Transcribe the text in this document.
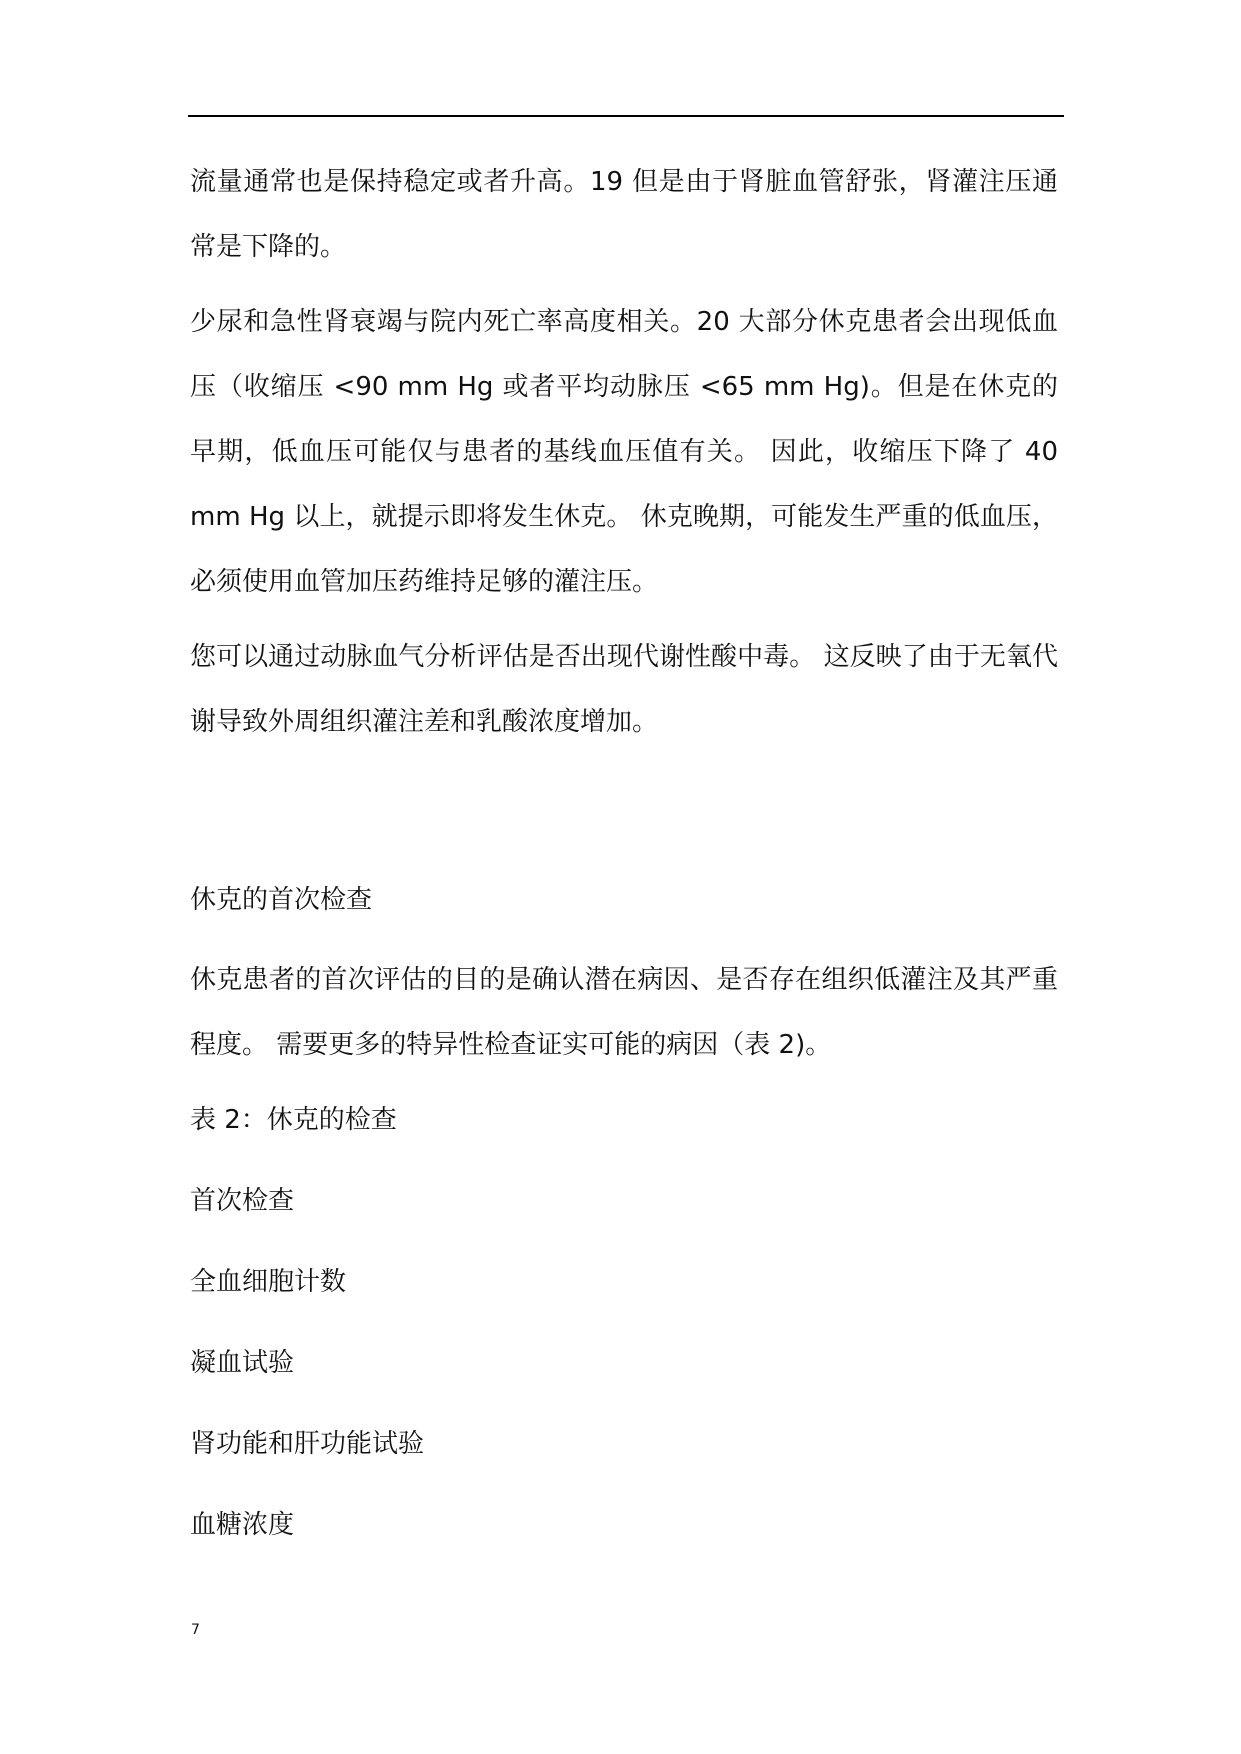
流量通常也是保持稳定或者升高。19 但是由于肾脏血管舒张，肾灌注压通常是下降的。

少尿和急性肾衰竭与院内死亡率高度相关。20 大部分休克患者会出现低血压（收缩压 <90 mm Hg 或者平均动脉压 <65 mm Hg)。但是在休克的早期，低血压可能仅与患者的基线血压值有关。 因此，收缩压下降了 40 mm Hg 以上，就提示即将发生休克。 休克晚期，可能发生严重的低血压，必须使用血管加压药维持足够的灌注压。

您可以通过动脉血气分析评估是否出现代谢性酸中毒。 这反映了由于无氧代谢导致外周组织灌注差和乳酸浓度增加。

休克的首次检查

休克患者的首次评估的目的是确认潜在病因、是否存在组织低灌注及其严重程度。 需要更多的特异性检查证实可能的病因（表 2)。

表 2：休克的检查

首次检查

全血细胞计数

凝血试验

肾功能和肝功能试验

血糖浓度

7
